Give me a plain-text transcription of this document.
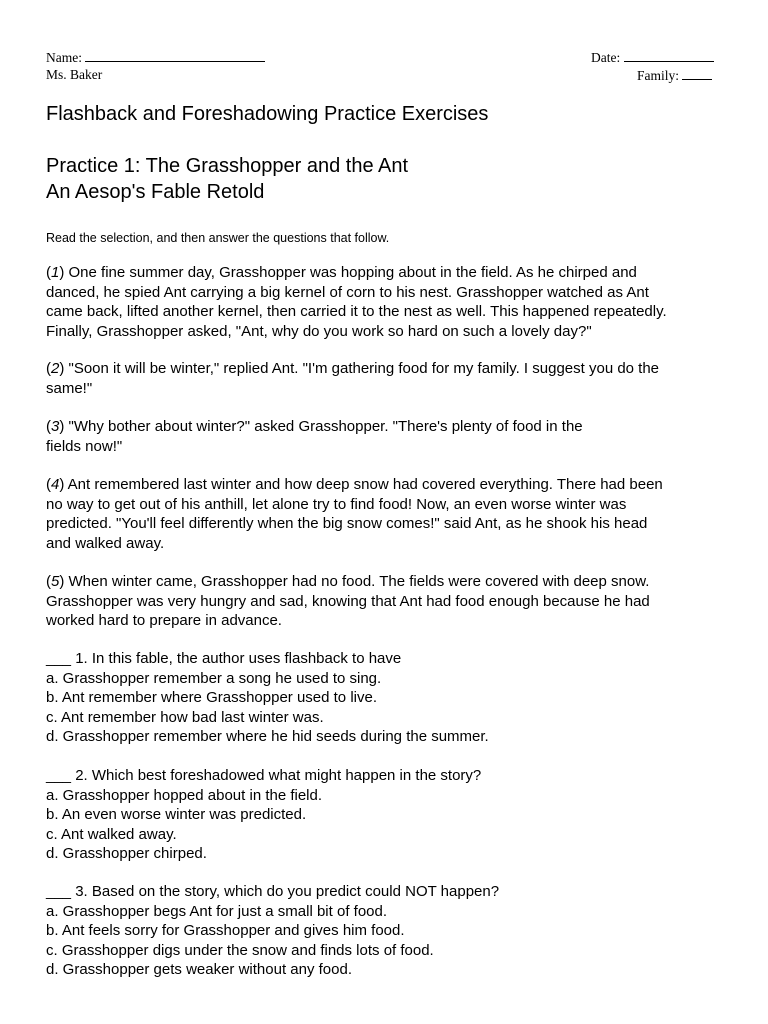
Name:
Ms. Baker
Date:
Family:
Flashback and Foreshadowing Practice Exercises
Practice 1: The Grasshopper and the Ant
An Aesop's Fable Retold
Read the selection, and then answer the questions that follow.
(1) One fine summer day, Grasshopper was hopping about in the field. As he chirped and
danced, he spied Ant carrying a big kernel of corn to his nest. Grasshopper watched as Ant
came back, lifted another kernel, then carried it to the nest as well. This happened repeatedly.
Finally, Grasshopper asked, "Ant, why do you work so hard on such a lovely day?"
(2) "Soon it will be winter," replied Ant. "I'm gathering food for my family. I suggest you do the
same!"
(3) "Why bother about winter?" asked Grasshopper. "There's plenty of food in the
fields now!"
(4) Ant remembered last winter and how deep snow had covered everything. There had been
no way to get out of his anthill, let alone try to find food! Now, an even worse winter was
predicted. "You'll feel differently when the big snow comes!" said Ant, as he shook his head
and walked away.
(5) When winter came, Grasshopper had no food. The fields were covered with deep snow.
Grasshopper was very hungry and sad, knowing that Ant had food enough because he had
worked hard to prepare in advance.
___ 1. In this fable, the author uses flashback to have
a. Grasshopper remember a song he used to sing.
b. Ant remember where Grasshopper used to live.
c. Ant remember how bad last winter was.
d. Grasshopper remember where he hid seeds during the summer.
___ 2. Which best foreshadowed what might happen in the story?
a. Grasshopper hopped about in the field.
b. An even worse winter was predicted.
c. Ant walked away.
d. Grasshopper chirped.
___ 3. Based on the story, which do you predict could NOT happen?
a. Grasshopper begs Ant for just a small bit of food.
b. Ant feels sorry for Grasshopper and gives him food.
c. Grasshopper digs under the snow and finds lots of food.
d. Grasshopper gets weaker without any food.
